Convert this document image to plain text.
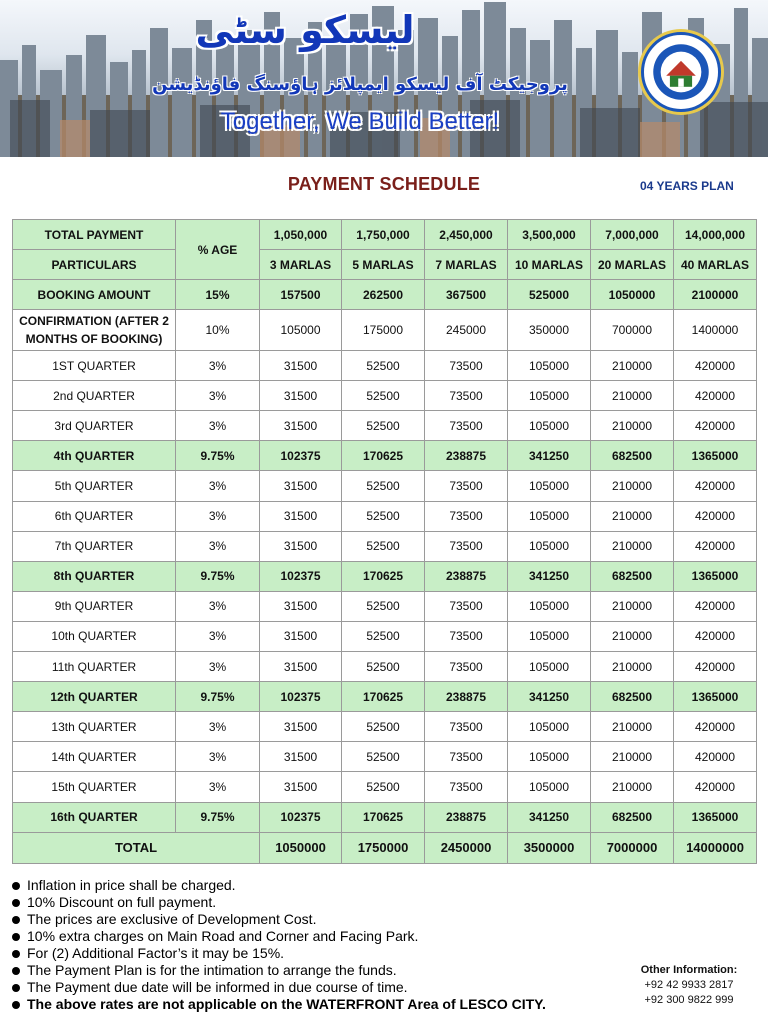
لیسکو سٹی
پروجیکٹ آف لیسکو ایمپلائز ہاؤسنگ فاؤنڈیشن
Together, We Build Better!
PAYMENT SCHEDULE	04 YEARS PLAN
TOTAL PAYMENT	% AGE	1,050,000	1,750,000	2,450,000	3,500,000	7,000,000	14,000,000
PARTICULARS		3 MARLAS	5 MARLAS	7 MARLAS	10 MARLAS	20 MARLAS	40 MARLAS
BOOKING AMOUNT	15%	157500	262500	367500	525000	1050000	2100000
CONFIRMATION (AFTER 2 MONTHS OF BOOKING)	10%	105000	175000	245000	350000	700000	1400000
1ST QUARTER	3%	31500	52500	73500	105000	210000	420000
2nd QUARTER	3%	31500	52500	73500	105000	210000	420000
3rd QUARTER	3%	31500	52500	73500	105000	210000	420000
4th QUARTER	9.75%	102375	170625	238875	341250	682500	1365000
5th QUARTER	3%	31500	52500	73500	105000	210000	420000
6th QUARTER	3%	31500	52500	73500	105000	210000	420000
7th QUARTER	3%	31500	52500	73500	105000	210000	420000
8th QUARTER	9.75%	102375	170625	238875	341250	682500	1365000
9th QUARTER	3%	31500	52500	73500	105000	210000	420000
10th QUARTER	3%	31500	52500	73500	105000	210000	420000
11th QUARTER	3%	31500	52500	73500	105000	210000	420000
12th QUARTER	9.75%	102375	170625	238875	341250	682500	1365000
13th QUARTER	3%	31500	52500	73500	105000	210000	420000
14th QUARTER	3%	31500	52500	73500	105000	210000	420000
15th QUARTER	3%	31500	52500	73500	105000	210000	420000
16th QUARTER	9.75%	102375	170625	238875	341250	682500	1365000
TOTAL		1050000	1750000	2450000	3500000	7000000	14000000
Inflation in price shall be charged.
10% Discount on full payment.
The prices are exclusive of Development Cost.
10% extra charges on Main Road and Corner and Facing Park.
For (2) Additional Factor’s it may be 15%.
The Payment Plan is for the intimation to arrange the funds.
The Payment due date will be informed in due course of time.
The above rates are not applicable on the WATERFRONT Area of LESCO CITY.
Other Information:
+92 42 9933 2817
+92 300 9822 999
